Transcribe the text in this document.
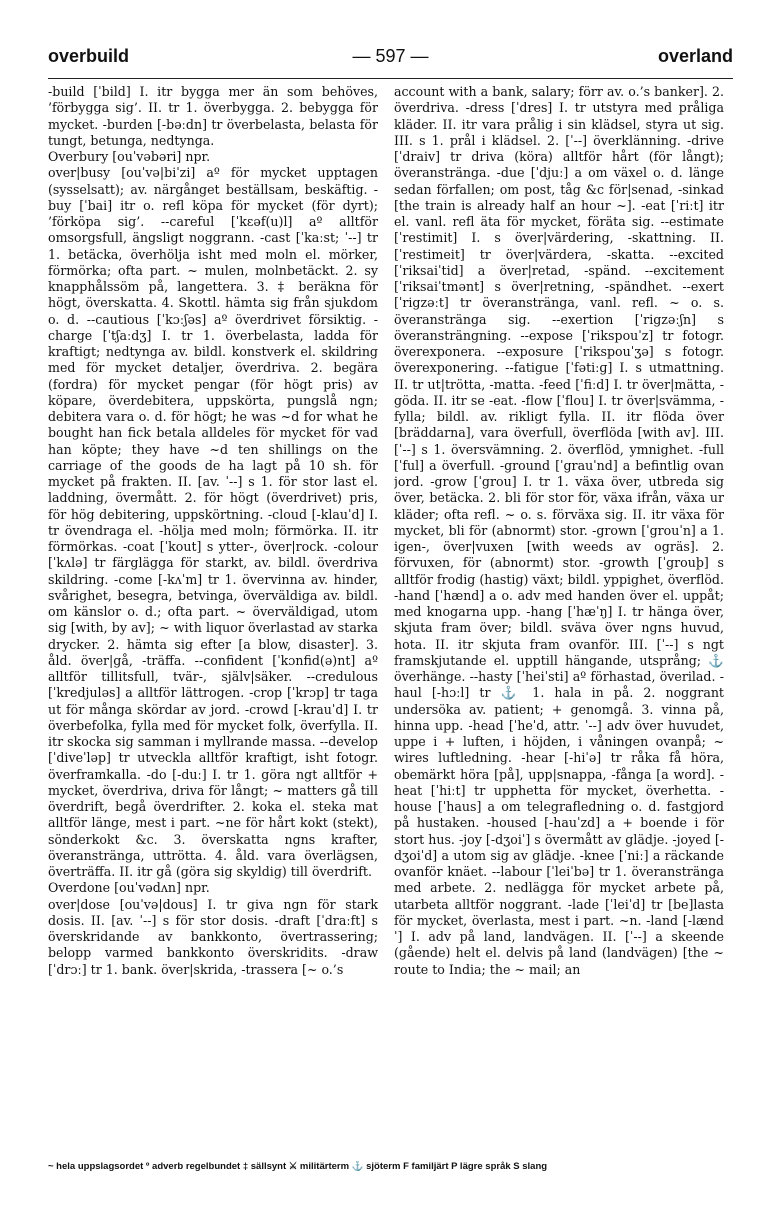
overbuild	— 597 —	overland

-build [ˈbild] I. itr bygga mer än som behöves, ’förbygga sig’. II. tr 1. överbygga. 2. bebygga för mycket. -burden [-bəːdn] tr överbelasta, belasta för tungt, betunga, nedtynga.

Overbury [ouˈvəbəri] npr.

over|busy [ouˈvə|biˈzi] aº för mycket upptagen (sysselsatt); av. närgånget beställsam, beskäftig. -buy [ˈbai] itr o. refl köpa för mycket (för dyrt); ’förköpa sig’. --careful [ˈkɛəf(u)l] aº alltför omsorgsfull, ängsligt noggrann. -cast [ˈkaːst; ˈ--] tr 1. betäcka, överhölja isht med moln el. mörker, förmörka; ofta part. ~ mulen, molnbetäckt. 2. sy knapphålssöm på, langettera. 3. ‡ beräkna för högt, överskatta. 4. Skottl. hämta sig från sjukdom o. d. --cautious [ˈkɔːʃəs] aº överdrivet försiktig. -charge [ˈtʃaːdʒ] I. tr 1. överbelasta, ladda för kraftigt; nedtynga av. bildl. konstverk el. skildring med för mycket detaljer, överdriva. 2. begära (fordra) för mycket pengar (för högt pris) av köpare, överdebitera, uppskörta, pungslå ngn; debitera vara o. d. för högt; he was ~d for what he bought han fick betala alldeles för mycket för vad han köpte; they have ~d ten shillings on the carriage of the goods de ha lagt på 10 sh. för mycket på frakten. II. [av. ˈ--] s 1. för stor last el. laddning, övermått. 2. för högt (överdrivet) pris, för hög debitering, uppskörtning. -cloud [-klauˈd] I. tr övendraga el. -hölja med moln; förmörka. II. itr förmörkas. -coat [ˈkout] s ytter-, över|rock. -colour [ˈkʌlə] tr färgläggа för starkt, av. bildl. överdriva skildring. -come [-kʌˈm] tr 1. övervinna av. hinder, svårighet, besegra, betvinga, överväldiga av. bildl. om känslor o. d.; ofta part. ~ överväldigad, utom sig [with, by av]; ~ with liquor överlastad av starka drycker. 2. hämta sig efter [a blow, disaster]. 3. åld. över|gå, -träffa. --confident [ˈkɔnfid(ə)nt] aº alltför tillitsfull, tvär-, själv|säker. --credulous [ˈkredjuləs] a alltför lättrogen. -crop [ˈkrɔp] tr taga ut för många skördar av jord. -crowd [-krauˈd] I. tr överbefolka, fylla med för mycket folk, överfylla. II. itr skocka sig samman i myllrande massa. --develop [ˈdiveˈləp] tr utveckla alltför kraftigt, isht fotogr. överframkalla. -do [-duː] I. tr 1. göra ngt alltför + mycket, överdriva, driva för långt; ~ matters gå till överdrift, begå överdrifter. 2. koka el. steka mat alltför länge, mest i part. ~ne för hårt kokt (stekt), sönderkokt &c. 3. överskatta ngns krafter, överanstränga, uttrötta. 4. åld. vara överlägsen, överträffa. II. itr gå (göra sig skyldig) till överdrift.

Overdone [ouˈvədʌn] npr.

over|dose [ouˈvə|dous] I. tr giva ngn för stark dosis. II. [av. ˈ--] s för stor dosis. -draft [ˈdraːft] s överskridande av bankkonto, övertrassering; belopp varmed bankkonto överskridits. -draw [ˈdrɔː] tr 1. bank. över|skrida, -trassera [~ o.’s

account with a bank, salary; förr av. o.’s banker]. 2. överdriva. -dress [ˈdres] I. tr utstyra med pråliga kläder. II. itr vara prålig i sin klädsel, styra ut sig. III. s 1. prål i klädsel. 2. [ˈ--] överklänning. -drive [ˈdraiv] tr driva (köra) alltför hårt (för långt); överanstränga. -due [ˈdjuː] a om växel o. d. länge sedan förfallen; om post, tåg &c för|senad, -sinkad [the train is already half an hour ~]. -eat [ˈriːt] itr el. vanl. refl äta för mycket, föräta sig. --estimate [ˈrestimit] I. s över|värdering, -skattning. II. [ˈrestimeit] tr över|värdera, -skatta. --excited [ˈriksaiˈtid] a över|retad, -spänd. --excitement [ˈriksaiˈtmənt] s över|retning, -spändhet. --exert [ˈrigzəːt] tr överanstränga, vanl. refl. ~ o. s. överanstränga sig. --exertion [ˈrigzəːʃn] s överansträngning. --expose [ˈrikspouˈz] tr fotogr. överexponera. --exposure [ˈrikspouˈʒə] s fotogr. överexponering. --fatigue [ˈfətiːɡ] I. s utmattning. II. tr ut|trötta, -matta. -feed [ˈfiːd] I. tr över|mätta, -göda. II. itr se -eat. -flow [ˈflou] I. tr över|svämma, -fylla; bildl. av. rikligt fylla. II. itr flöda över [bräddarna], vara överfull, överflöda [with av]. III. [ˈ--] s 1. översvämning. 2. överflöd, ymnighet. -full [ˈful] a överfull. -ground [ˈgrauˈnd] a befintlig ovan jord. -grow [ˈgrou] I. tr 1. växa över, utbreda sig över, betäcka. 2. bli för stor för, växa ifrån, växa ur kläder; ofta refl. ~ o. s. förväxa sig. II. itr växa för mycket, bli för (abnormt) stor. -grown [ˈgrouˈn] a 1. igen-, över|vuxen [with weeds av ogräs]. 2. förvuxen, för (abnormt) stor. -growth [ˈgrouþ] s alltför frodig (hastig) växt; bildl. yppighet, överflöd. -hand [ˈhænd] a o. adv med handen över el. uppåt; med knogarna upp. -hang [ˈhæˈŋ] I. tr hänga över, skjuta fram över; bildl. sväva över ngns huvud, hota. II. itr skjuta fram ovanför. III. [ˈ--] s ngt framskjutande el. upptill hängande, utsprång; ⚓ överhänge. --hasty [ˈheiˈsti] aº förhastad, överilad. -haul [-hɔːl] tr ⚓ 1. hala in på. 2. noggrant undersöka av. patient; + genomgå. 3. vinna på, hinna upp. -head [ˈheˈd, attr. ˈ--] adv över huvudet, uppe i + luften, i höjden, i våningen ovanpå; ~ wires luftledning. -hear [-hiˈə] tr råka få höra, obemärkt höra [på], upp|snappa, -fånga [a word]. -heat [ˈhiːt] tr upphetta för mycket, överhetta. -house [ˈhaus] a om telegrafledning o. d. fastgjord på hustaken. -housed [-hauˈzd] a + boende i för stort hus. -joy [-dʒoiˈ] s övermått av glädje. -joyed [-dʒoiˈd] a utom sig av glädje. -knee [ˈniː] a räckande ovanför knäet. --labour [ˈleiˈbə] tr 1. överanstränga med arbete. 2. nedlägga för mycket arbete på, utarbeta alltför noggrant. -lade [ˈleiˈd] tr [be]lasta för mycket, överlasta, mest i part. ~n. -land [-lændˈ] I. adv på land, landvägen. II. [ˈ--] a skeende (gående) helt el. delvis på land (landvägen) [the ~ route to India; the ~ mail; an

~ hela uppslagsordet º adverb regelbundet ‡ sällsynt ⚔ militärterm ⚓ sjöterm F familjärt P lägre språk S slang
